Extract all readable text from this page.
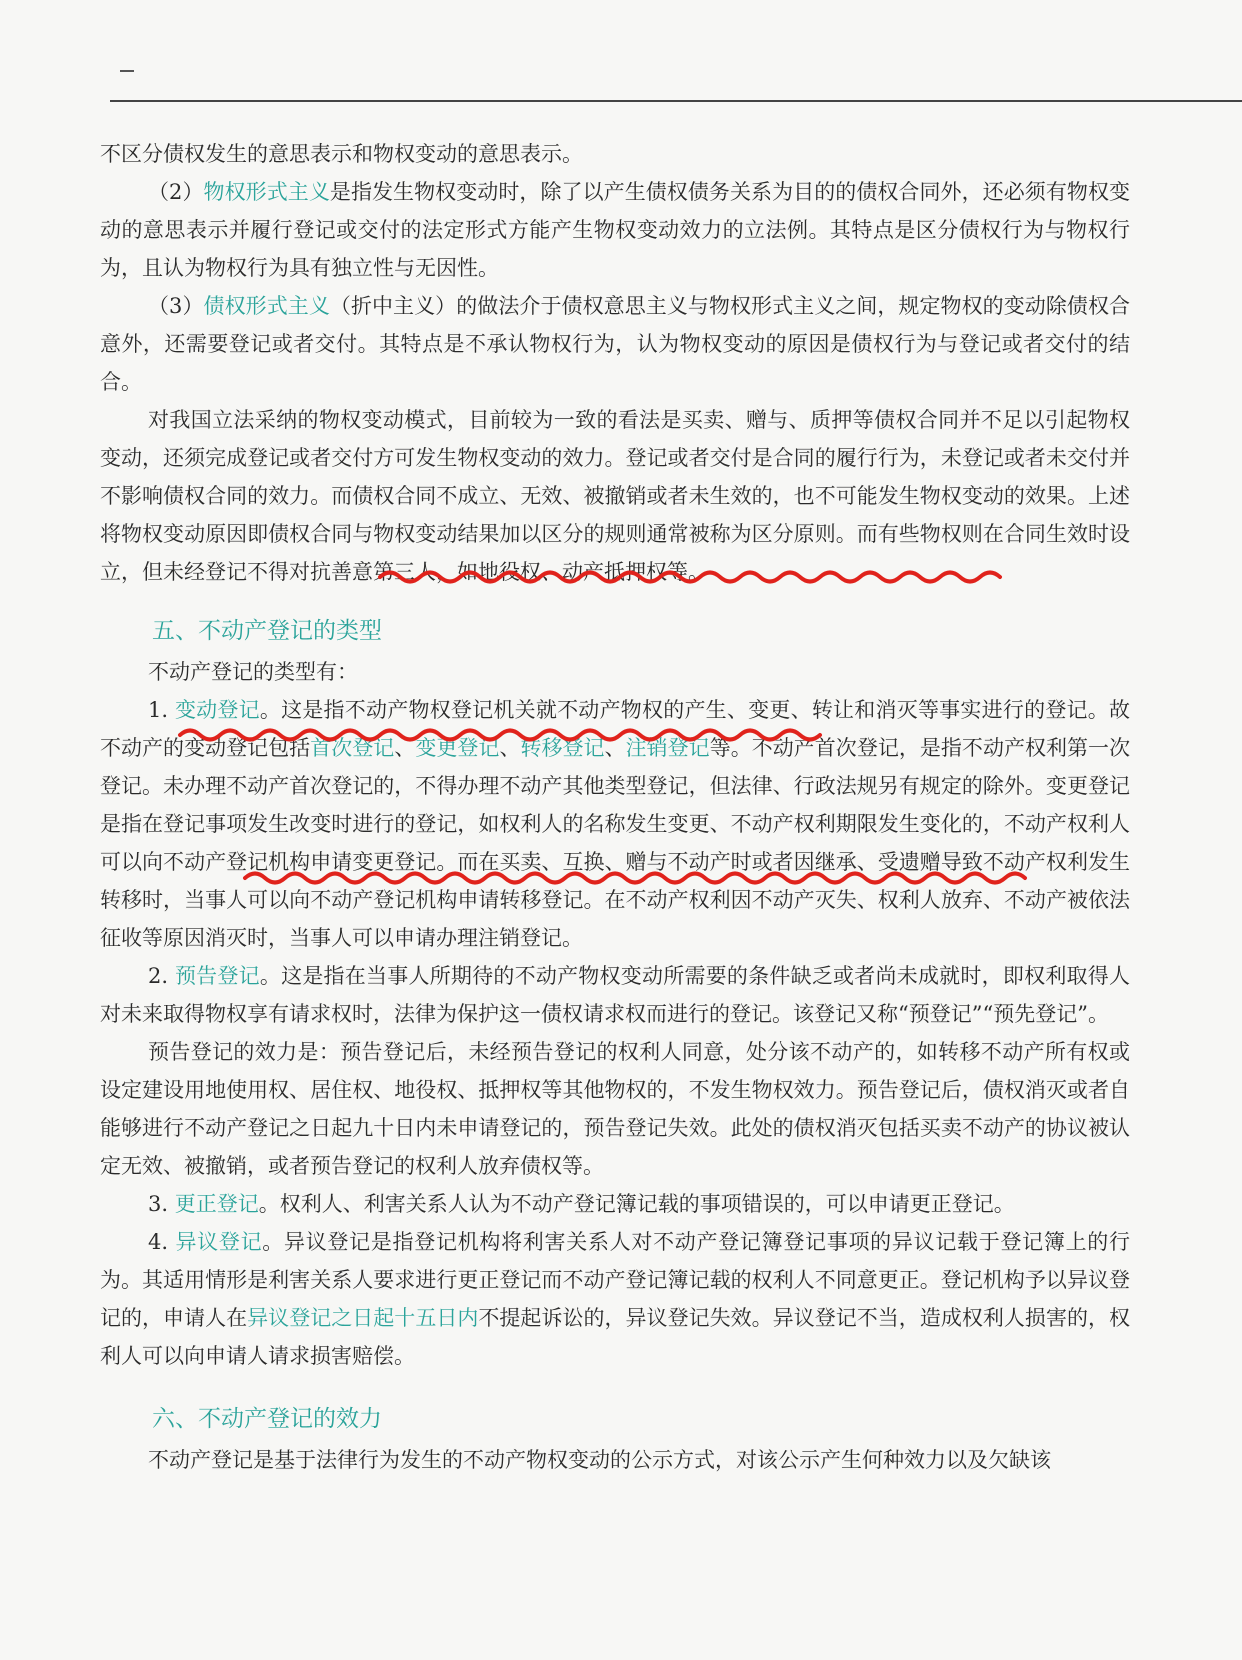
不区分债权发生的意思表示和物权变动的意思表示。

（2）物权形式主义是指发生物权变动时，除了以产生债权债务关系为目的的债权合同外，还必须有物权变动的意思表示并履行登记或交付的法定形式方能产生物权变动效力的立法例。其特点是区分债权行为与物权行为，且认为物权行为具有独立性与无因性。

（3）债权形式主义（折中主义）的做法介于债权意思主义与物权形式主义之间，规定物权的变动除债权合意外，还需要登记或者交付。其特点是不承认物权行为，认为物权变动的原因是债权行为与登记或者交付的结合。

对我国立法采纳的物权变动模式，目前较为一致的看法是买卖、赠与、质押等债权合同并不足以引起物权变动，还须完成登记或者交付方可发生物权变动的效力。登记或者交付是合同的履行行为，未登记或者未交付并不影响债权合同的效力。而债权合同不成立、无效、被撤销或者未生效的，也不可能发生物权变动的效果。上述将物权变动原因即债权合同与物权变动结果加以区分的规则通常被称为区分原则。而有些物权则在合同生效时设立，但未经登记不得对抗善意第三人，如地役权、动产抵押权等。

五、不动产登记的类型

不动产登记的类型有：

1. 变动登记。这是指不动产物权登记机关就不动产物权的产生、变更、转让和消灭等事实进行的登记。故不动产的变动登记包括首次登记、变更登记、转移登记、注销登记等。不动产首次登记，是指不动产权利第一次登记。未办理不动产首次登记的，不得办理不动产其他类型登记，但法律、行政法规另有规定的除外。变更登记是指在登记事项发生改变时进行的登记，如权利人的名称发生变更、不动产权利期限发生变化的，不动产权利人可以向不动产登记机构申请变更登记。而在买卖、互换、赠与不动产时或者因继承、受遗赠导致不动产权利发生转移时，当事人可以向不动产登记机构申请转移登记。在不动产权利因不动产灭失、权利人放弃、不动产被依法征收等原因消灭时，当事人可以申请办理注销登记。

2. 预告登记。这是指在当事人所期待的不动产物权变动所需要的条件缺乏或者尚未成就时，即权利取得人对未来取得物权享有请求权时，法律为保护这一债权请求权而进行的登记。该登记又称“预登记”“预先登记”。

预告登记的效力是：预告登记后，未经预告登记的权利人同意，处分该不动产的，如转移不动产所有权或设定建设用地使用权、居住权、地役权、抵押权等其他物权的，不发生物权效力。预告登记后，债权消灭或者自能够进行不动产登记之日起九十日内未申请登记的，预告登记失效。此处的债权消灭包括买卖不动产的协议被认定无效、被撤销，或者预告登记的权利人放弃债权等。

3. 更正登记。权利人、利害关系人认为不动产登记簿记载的事项错误的，可以申请更正登记。

4. 异议登记。异议登记是指登记机构将利害关系人对不动产登记簿登记事项的异议记载于登记簿上的行为。其适用情形是利害关系人要求进行更正登记而不动产登记簿记载的权利人不同意更正。登记机构予以异议登记的，申请人在异议登记之日起十五日内不提起诉讼的，异议登记失效。异议登记不当，造成权利人损害的，权利人可以向申请人请求损害赔偿。

六、不动产登记的效力

不动产登记是基于法律行为发生的不动产物权变动的公示方式，对该公示产生何种效力以及欠缺该
